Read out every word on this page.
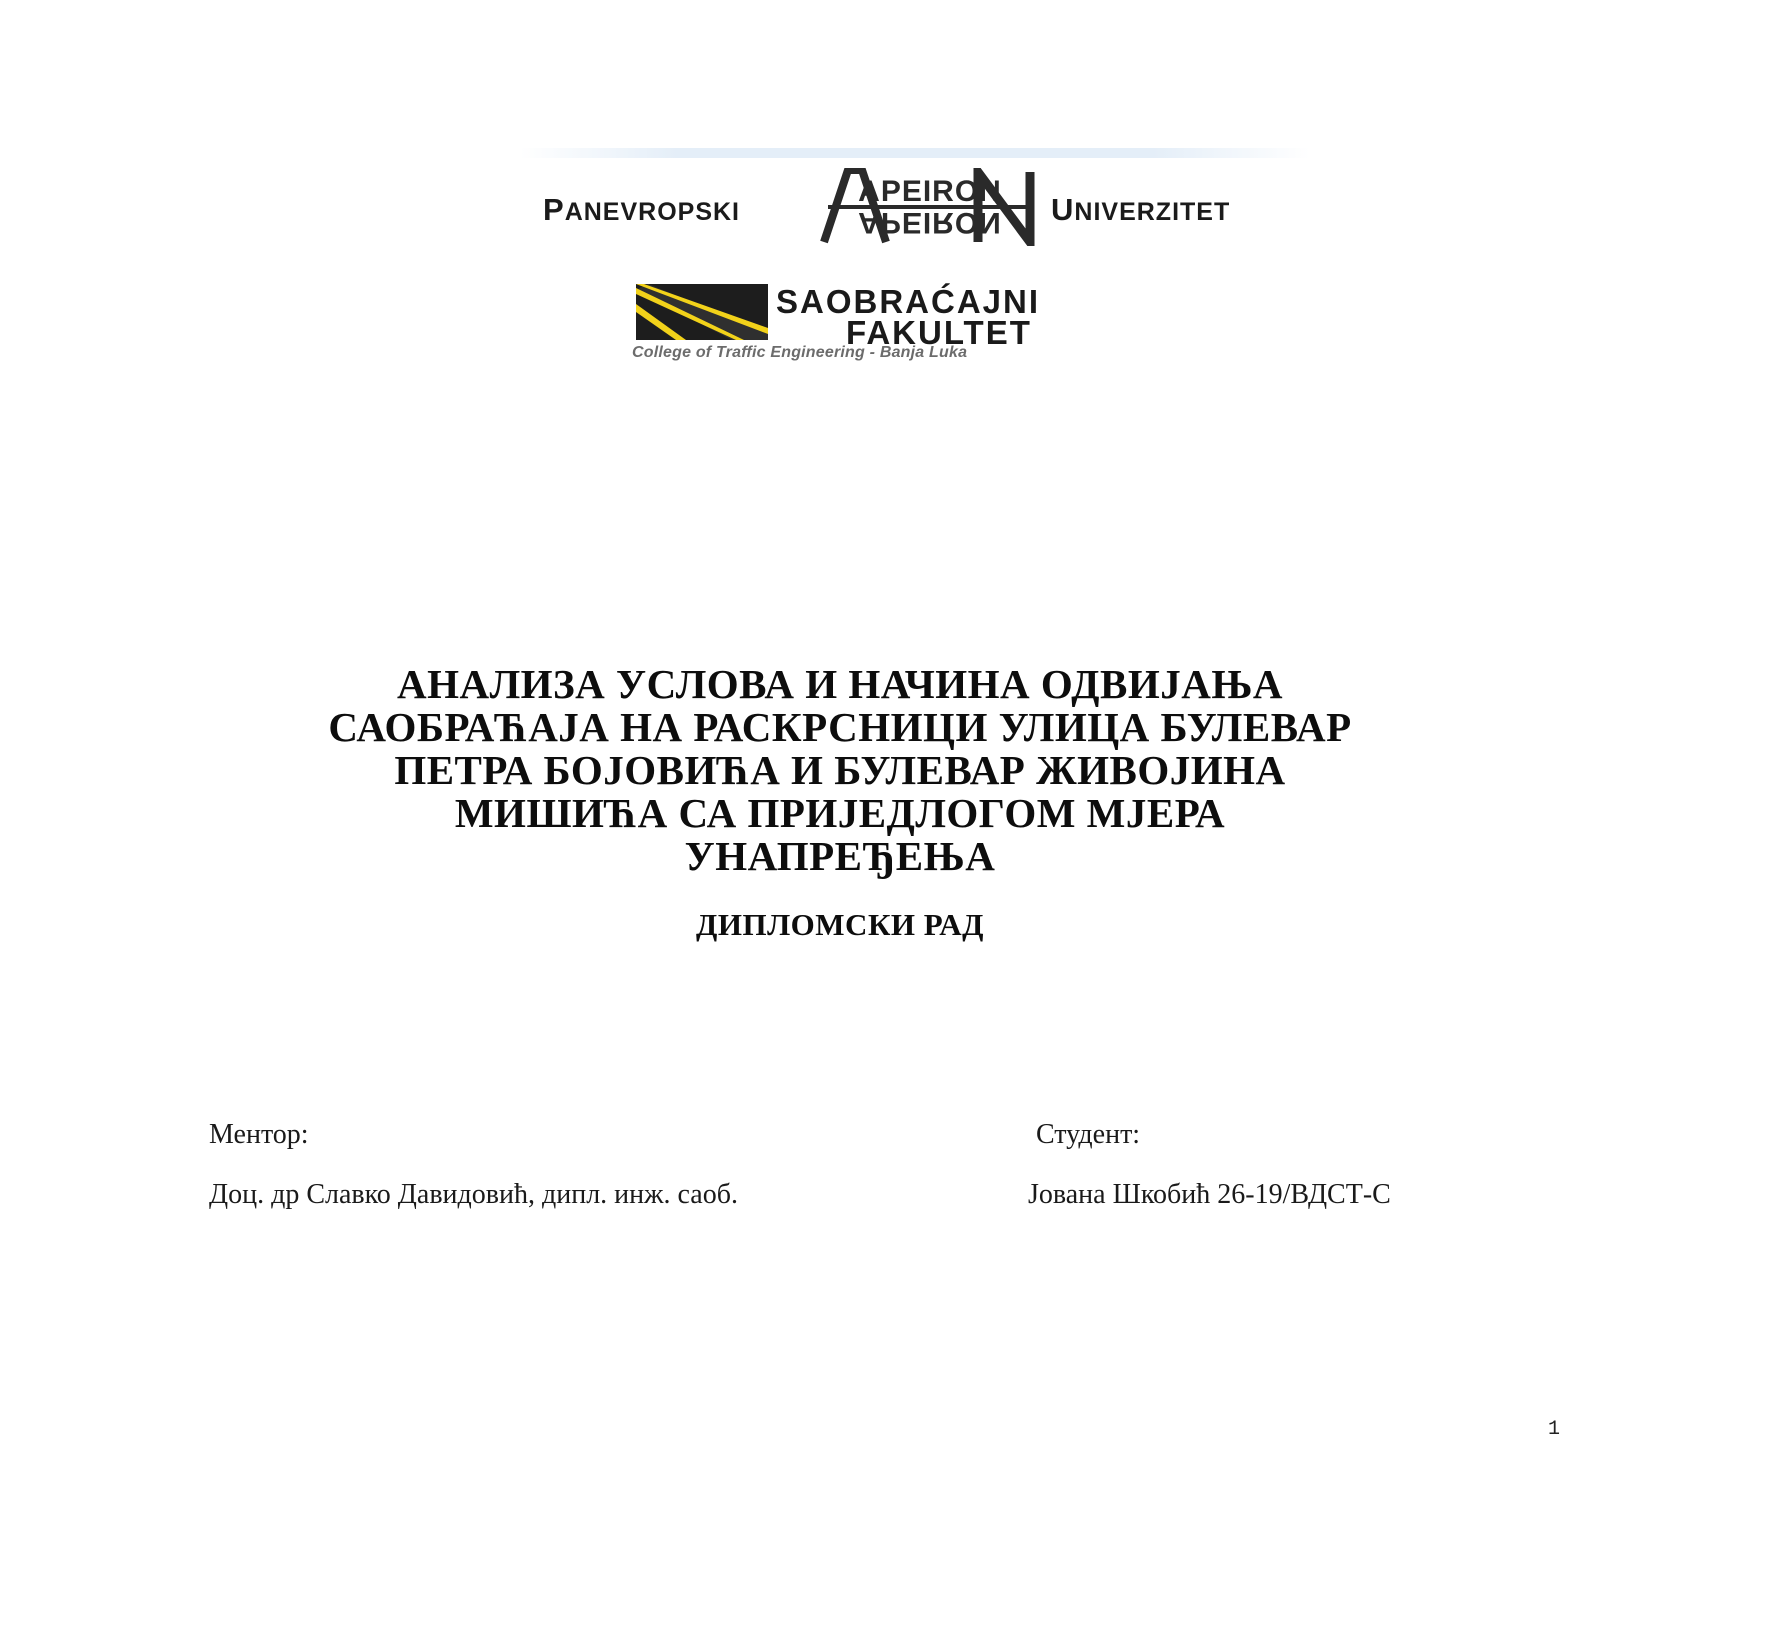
PANEVROPSKI
APEIRON
APEIRON UNIVERZITET
SAOBRAĆAJNI
FAKULTET
College of Traffic Engineering - Banja Luka
АНАЛИЗА УСЛОВА И НАЧИНА ОДВИЈАЊА
САОБРАЋАЈА НА РАСКРСНИЦИ УЛИЦА БУЛЕВАР
ПЕТРА БОЈОВИЋА И БУЛЕВАР ЖИВОЈИНА
МИШИЋА СА ПРИЈЕДЛОГОМ МЈЕРА
УНАПРЕЂЕЊА
ДИПЛОМСКИ РАД
Ментор:	Студент:
Доц. др Славко Давидовић, дипл. инж. саоб.	Јована Шкобић 26-19/ВДСТ-С
1
